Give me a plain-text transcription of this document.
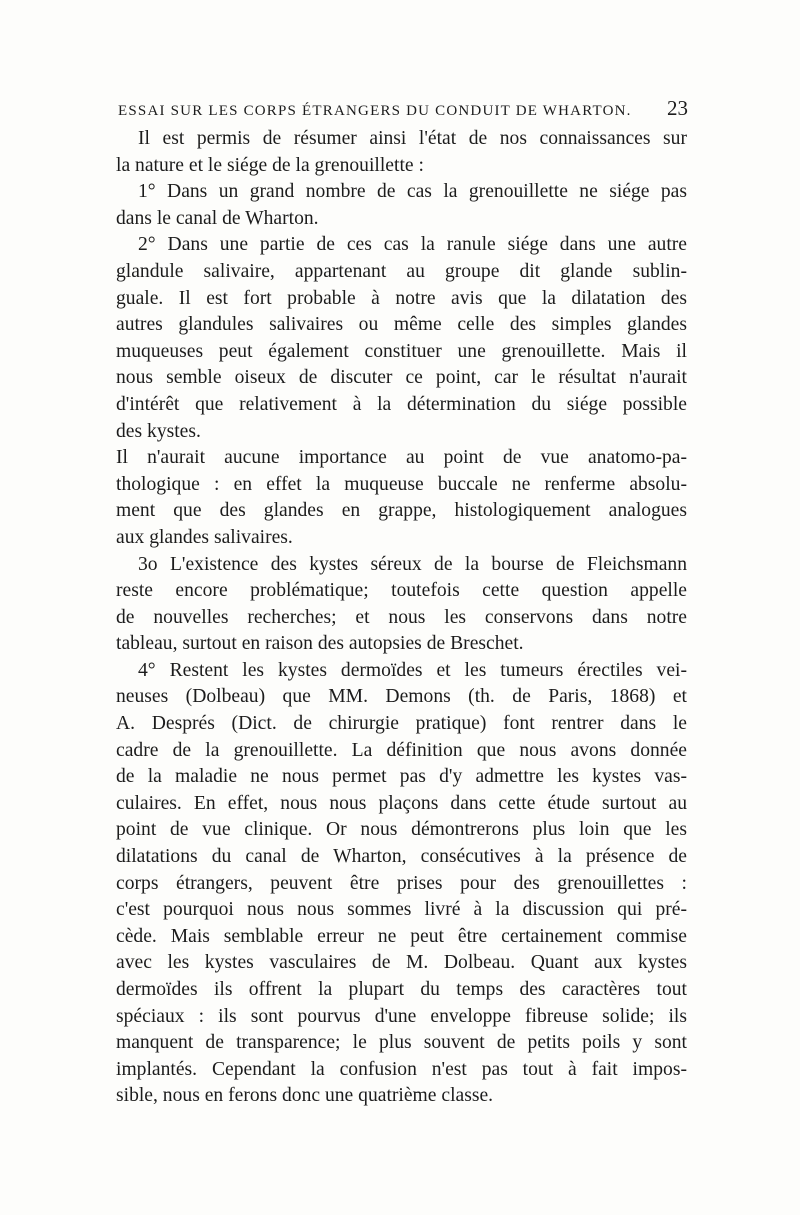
ESSAI SUR LES CORPS ÉTRANGERS DU CONDUIT DE WHARTON. 23
Il est permis de résumer ainsi l'état de nos connaissances sur
la nature et le siége de la grenouillette :
1° Dans un grand nombre de cas la grenouillette ne siége pas
dans le canal de Wharton.
2° Dans une partie de ces cas la ranule siége dans une autre
glandule salivaire, appartenant au groupe dit glande sublin-
guale. Il est fort probable à notre avis que la dilatation des
autres glandules salivaires ou même celle des simples glandes
muqueuses peut également constituer une grenouillette. Mais il
nous semble oiseux de discuter ce point, car le résultat n'aurait
d'intérêt que relativement à la détermination du siége possible
des kystes.
Il n'aurait aucune importance au point de vue anatomo-pa-
thologique : en effet la muqueuse buccale ne renferme absolu-
ment que des glandes en grappe, histologiquement analogues
aux glandes salivaires.
3o L'existence des kystes séreux de la bourse de Fleichsmann
reste encore problématique; toutefois cette question appelle
de nouvelles recherches; et nous les conservons dans notre
tableau, surtout en raison des autopsies de Breschet.
4° Restent les kystes dermoïdes et les tumeurs érectiles vei-
neuses (Dolbeau) que MM. Demons (th. de Paris, 1868) et
A. Després (Dict. de chirurgie pratique) font rentrer dans le
cadre de la grenouillette. La définition que nous avons donnée
de la maladie ne nous permet pas d'y admettre les kystes vas-
culaires. En effet, nous nous plaçons dans cette étude surtout au
point de vue clinique. Or nous démontrerons plus loin que les
dilatations du canal de Wharton, consécutives à la présence de
corps étrangers, peuvent être prises pour des grenouillettes :
c'est pourquoi nous nous sommes livré à la discussion qui pré-
cède. Mais semblable erreur ne peut être certainement commise
avec les kystes vasculaires de M. Dolbeau. Quant aux kystes
dermoïdes ils offrent la plupart du temps des caractères tout
spéciaux : ils sont pourvus d'une enveloppe fibreuse solide; ils
manquent de transparence; le plus souvent de petits poils y sont
implantés. Cependant la confusion n'est pas tout à fait impos-
sible, nous en ferons donc une quatrième classe.
